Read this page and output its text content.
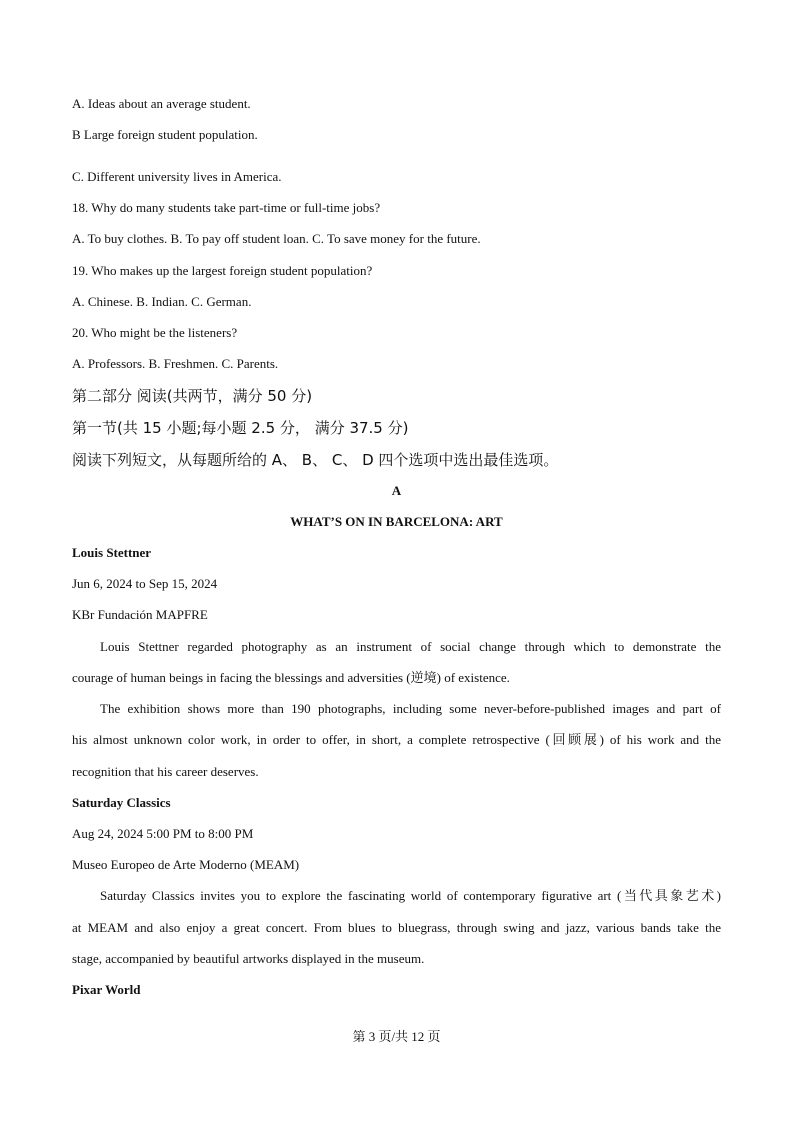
A. Ideas about an average student.
B Large foreign student population.
C. Different university lives in America.
18. Why do many students take part-time or full-time jobs?
A. To buy clothes. B. To pay off student loan. C. To save money for the future.
19. Who makes up the largest foreign student population?
A. Chinese. B. Indian. C. German.
20. Who might be the listeners?
A. Professors. B. Freshmen. C. Parents.
第二部分 阅读(共两节，满分 50 分)
第一节(共 15 小题;每小题 2.5 分， 满分 37.5 分)
阅读下列短文，从每题所给的 A、 B、 C、 D 四个选项中选出最佳选项。
A
WHAT’S ON IN BARCELONA: ART
Louis Stettner
Jun 6, 2024 to Sep 15, 2024
KBr Fundación MAPFRE
Louis Stettner regarded photography as an instrument of social change through which to demonstrate the
courage of human beings in facing the blessings and adversities (逆境) of existence.
The exhibition shows more than 190 photographs, including some never-before-published images and part of
his almost unknown color work, in order to offer, in short, a complete retrospective (回顾展) of his work and the
recognition that his career deserves.
Saturday Classics
Aug 24, 2024 5:00 PM to 8:00 PM
Museo Europeo de Arte Moderno (MEAM)
Saturday Classics invites you to explore the fascinating world of contemporary figurative art (当代具象艺术)
at MEAM and also enjoy a great concert. From blues to bluegrass, through swing and jazz, various bands take the
stage, accompanied by beautiful artworks displayed in the museum.
Pixar World
第 3 页/共 12 页
